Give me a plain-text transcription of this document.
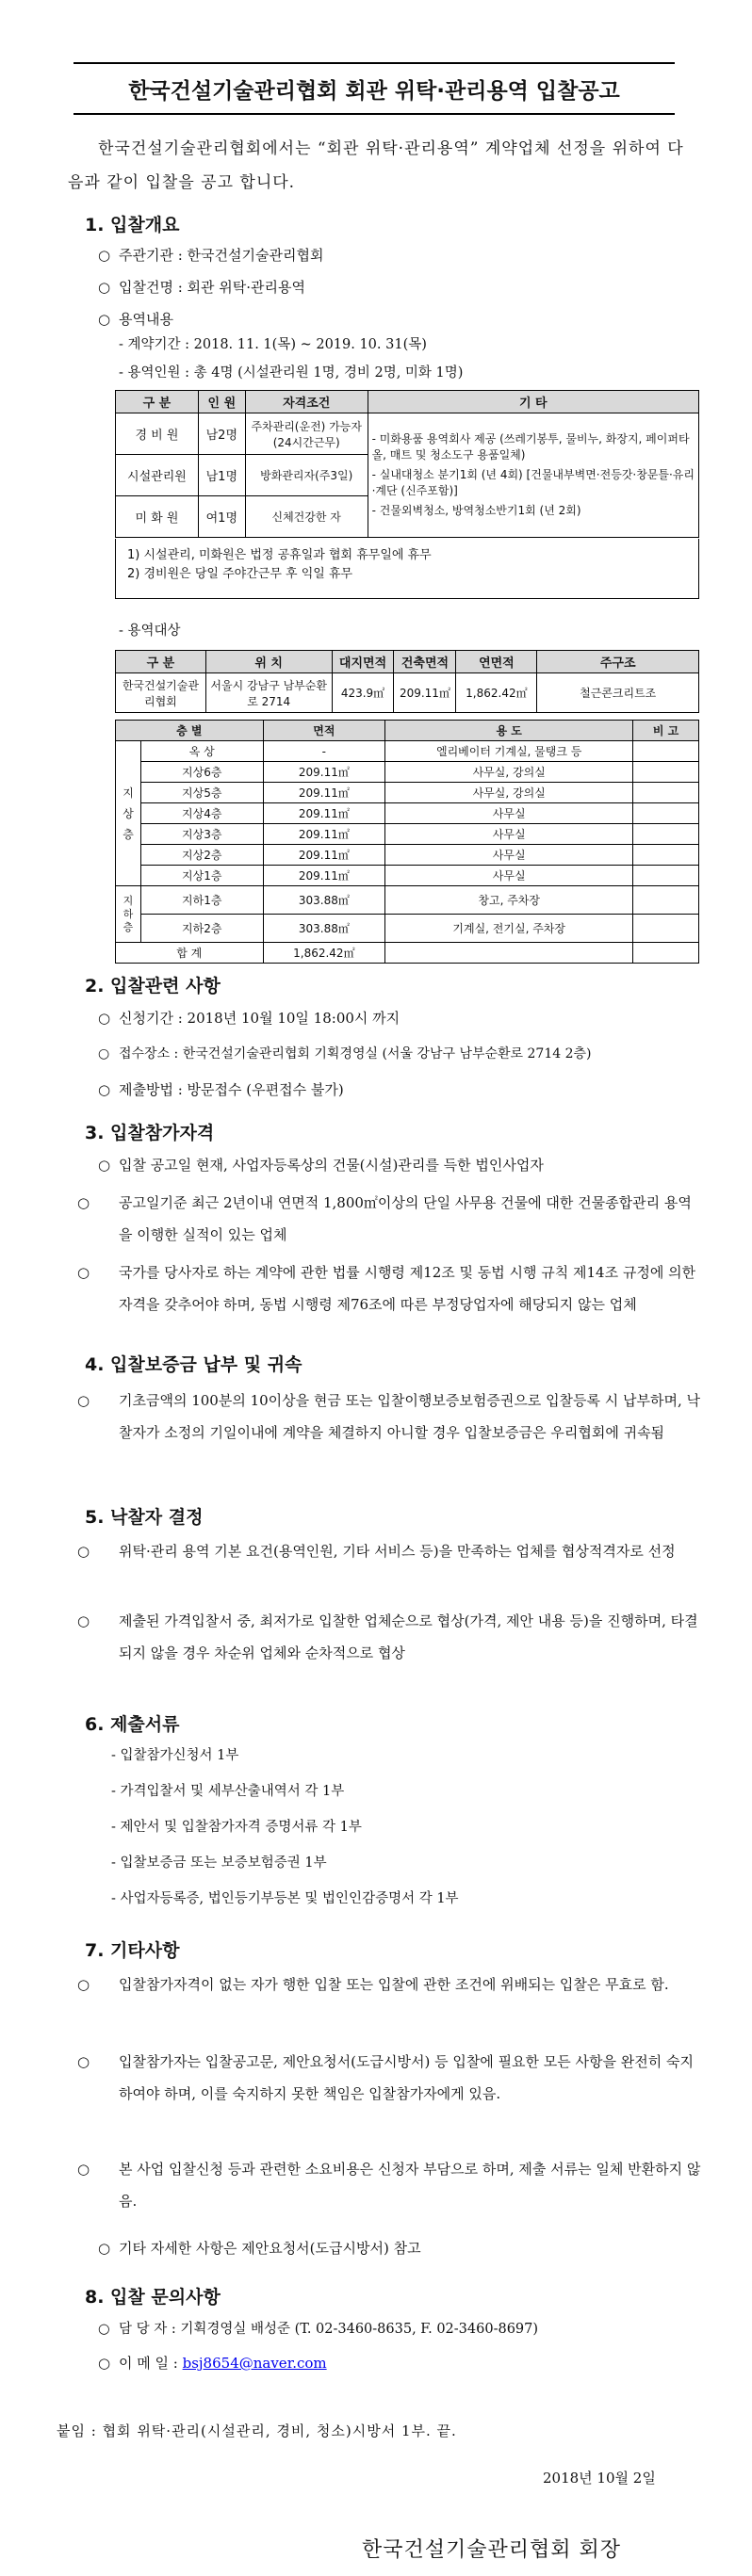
한국건설기술관리협회 회관 위탁·관리용역 입찰공고
한국건설기술관리협회에서는 “회관 위탁·관리용역” 계약업체 선정을 위하여 다음과 같이 입찰을 공고 합니다.
1. 입찰개요
○ 주관기관 : 한국건설기술관리협회
○ 입찰건명 : 회관 위탁·관리용역
○ 용역내용
- 계약기간 : 2018. 11. 1(목) ~ 2019. 10. 31(목)
- 용역인원 : 총 4명 (시설관리원 1명, 경비 2명, 미화 1명)
구 분	인 원	자격조건	기 타
경 비 원	남2명	주차관리(운전) 가능자(24시간근무)	- 미화용품 용역회사 제공 (쓰레기봉투, 물비누, 화장지, 페이퍼타올, 매트 및 청소도구 용품일체)
- 실내대청소 분기1회 (년 4회) [건물내부벽면·전등갓·창문틀·유리·계단 (신주포함)]
- 건물외벽청소, 방역청소반기1회 (년 2회)

시설관리원	남1명	방화관리자(주3일)	
미 화 원	여1명	신체건강한 자	
1) 시설관리, 미화원은 법정 공휴일과 협회 휴무일에 휴무
2) 경비원은 당일 주야간근무 후 익일 휴무
- 용역대상
구 분	위 치	대지면적	건축면적	연면적	주구조
한국건설기술관리협회	서울시 강남구 남부순환로 2714	423.9㎡	209.11㎡	1,862.42㎡	철근콘크리트조
층 별		면적	용 도	비 고
지 상 층	옥 상	-	엘리베이터 기계실, 물탱크 등	
	지상6층	209.11㎡	사무실, 강의실	
	지상5층	209.11㎡	사무실, 강의실	
	지상4층	209.11㎡	사무실	
	지상3층	209.11㎡	사무실	
	지상2층	209.11㎡	사무실	
	지상1층	209.11㎡	사무실	
지 하 층	지하1층	303.88㎡	창고, 주차장	
	지하2층	303.88㎡	기계실, 전기실, 주차장	
합 계		1,862.42㎡		
2. 입찰관련 사항
○ 신청기간 : 2018년 10월 10일 18:00시 까지
○ 접수장소 : 한국건설기술관리협회 기획경영실 (서울 강남구 남부순환로 2714 2층)
○ 제출방법 : 방문접수 (우편접수 불가)
3. 입찰참가자격
○ 입찰 공고일 현재, 사업자등록상의 건물(시설)관리를 득한 법인사업자
○ 공고일기준 최근 2년이내 연면적 1,800㎡이상의 단일 사무용 건물에 대한 건물종합관리 용역을 이행한 실적이 있는 업체
○ 국가를 당사자로 하는 계약에 관한 법률 시행령 제12조 및 동법 시행 규칙 제14조 규정에 의한 자격을 갖추어야 하며, 동법 시행령 제76조에 따른 부정당업자에 해당되지 않는 업체
4. 입찰보증금 납부 및 귀속
○ 기초금액의 100분의 10이상을 현금 또는 입찰이행보증보험증권으로 입찰등록 시 납부하며, 낙찰자가 소정의 기일이내에 계약을 체결하지 아니할 경우 입찰보증금은 우리협회에 귀속됨
5. 낙찰자 결정
○ 위탁·관리 용역 기본 요건(용역인원, 기타 서비스 등)을 만족하는 업체를 협상적격자로 선정
○ 제출된 가격입찰서 중, 최저가로 입찰한 업체순으로 협상(가격, 제안 내용 등)을 진행하며, 타결되지 않을 경우 차순위 업체와 순차적으로 협상
6. 제출서류
- 입찰참가신청서 1부
- 가격입찰서 및 세부산출내역서 각 1부
- 제안서 및 입찰참가자격 증명서류 각 1부
- 입찰보증금 또는 보증보험증권 1부
- 사업자등록증, 법인등기부등본 및 법인인감증명서 각 1부
7. 기타사항
○ 입찰참가자격이 없는 자가 행한 입찰 또는 입찰에 관한 조건에 위배되는 입찰은 무효로 함.
○ 입찰참가자는 입찰공고문, 제안요청서(도급시방서) 등 입찰에 필요한 모든 사항을 완전히 숙지하여야 하며, 이를 숙지하지 못한 책임은 입찰참가자에게 있음.
○ 본 사업 입찰신청 등과 관련한 소요비용은 신청자 부담으로 하며, 제출 서류는 일체 반환하지 않음.
○ 기타 자세한 사항은 제안요청서(도급시방서) 참고
8. 입찰 문의사항
○ 담 당 자 : 기획경영실 배성준 (T. 02-3460-8635, F. 02-3460-8697)
○ 이 메 일 : bsj8654@naver.com
붙임 : 협회 위탁·관리(시설관리, 경비, 청소)시방서 1부. 끝.
2018년 10월 2일
한국건설기술관리협회 회장
